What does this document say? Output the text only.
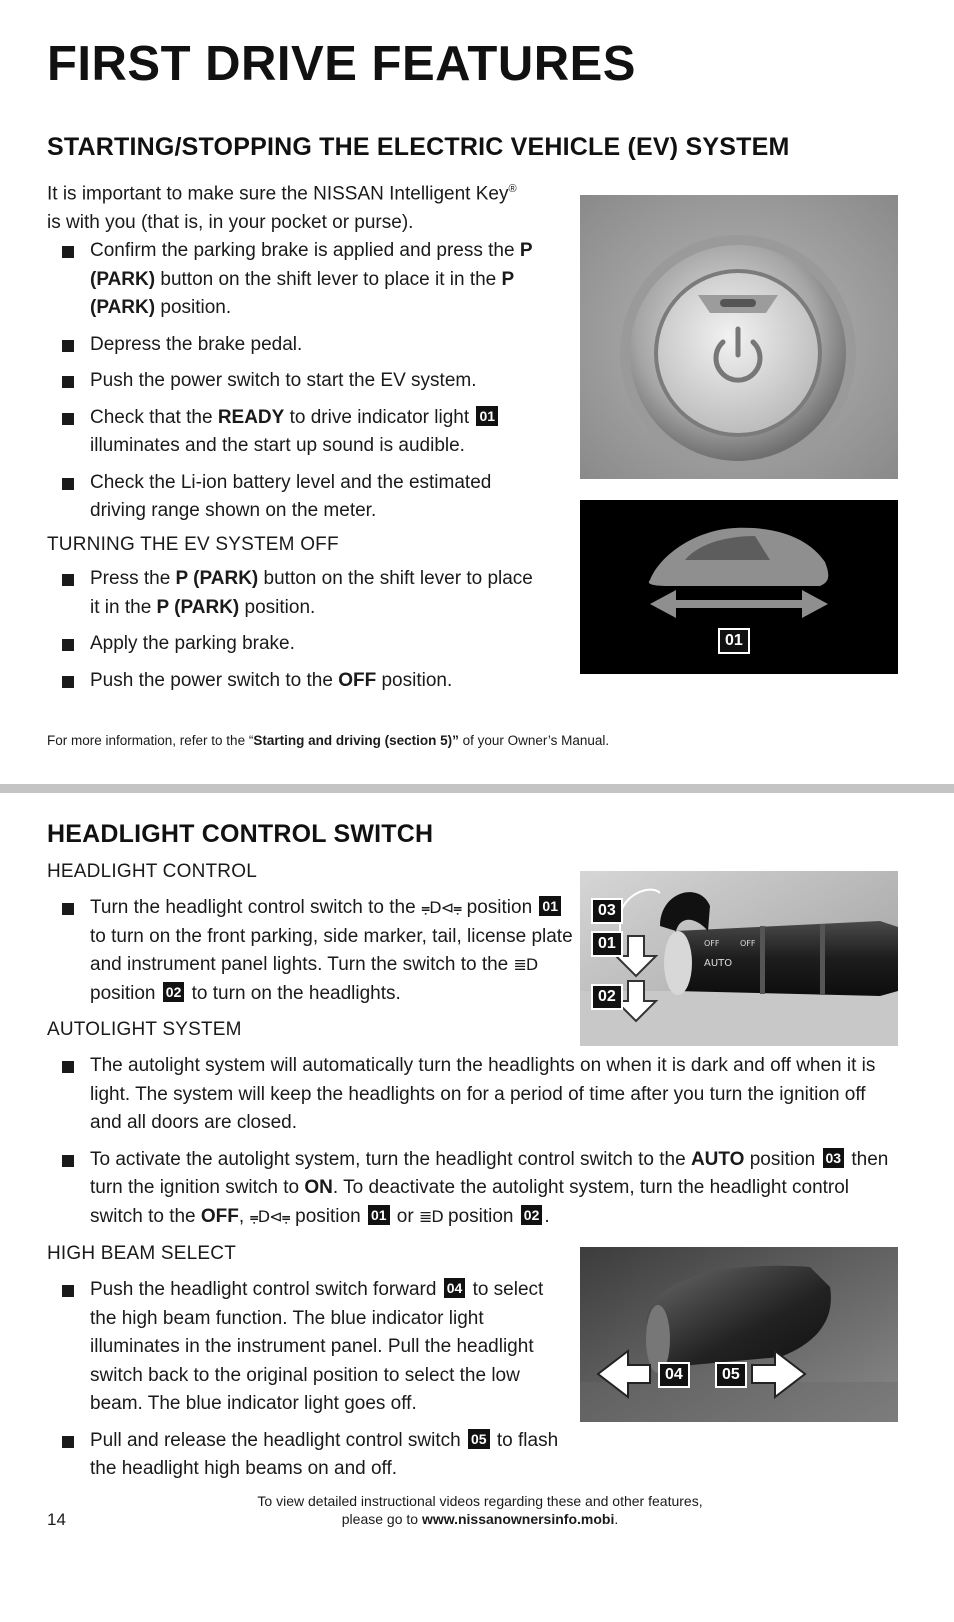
FIRST DRIVE FEATURES
STARTING/STOPPING THE ELECTRIC VEHICLE (EV) SYSTEM
It is important to make sure the NISSAN Intelligent Key®
is with you (that is, in your pocket or purse).
Confirm the parking brake is applied and press the P (PARK) button on the shift lever to place it in the P (PARK) position.
Depress the brake pedal.
Push the power switch to start the EV system.
Check that the READY to drive indicator light 01 illuminates and the start up sound is audible.
Check the Li-ion battery level and the estimated driving range shown on the meter.
TURNING THE EV SYSTEM OFF
Press the P (PARK) button on the shift lever to place it in the P (PARK) position.
Apply the parking brake.
Push the power switch to the OFF position.
For more information, refer to the “Starting and driving (section 5)” of your Owner’s Manual.
01
HEADLIGHT CONTROL SWITCH
HEADLIGHT CONTROL
Turn the headlight control switch to the ⩦D⊲⩦ position 01 to turn on the front parking, side marker, tail, license plate and instrument panel lights. Turn the switch to the ≣D position 02 to turn on the headlights.
AUTOLIGHT SYSTEM
The autolight system will automatically turn the headlights on when it is dark and off when it is light. The system will keep the headlights on for a period of time after you turn the ignition off and all doors are closed.
To activate the autolight system, turn the headlight control switch to the AUTO position 03 then turn the ignition switch to ON. To deactivate the autolight system, turn the headlight control switch to the OFF, ⩦D⊲⩦ position 01 or ≣D position 02 .
HIGH BEAM SELECT
Push the headlight control switch forward 04 to select the high beam function. The blue indicator light illuminates in the instrument panel. Pull the headlight switch back to the original position to select the low beam. The blue indicator light goes off.
Pull and release the headlight control switch 05 to flash the headlight high beams on and off.
AUTO
OFF	OFF
03
01
02
04	05
To view detailed instructional videos regarding these and other features,
please go to www.nissanownersinfo.mobi.
14
